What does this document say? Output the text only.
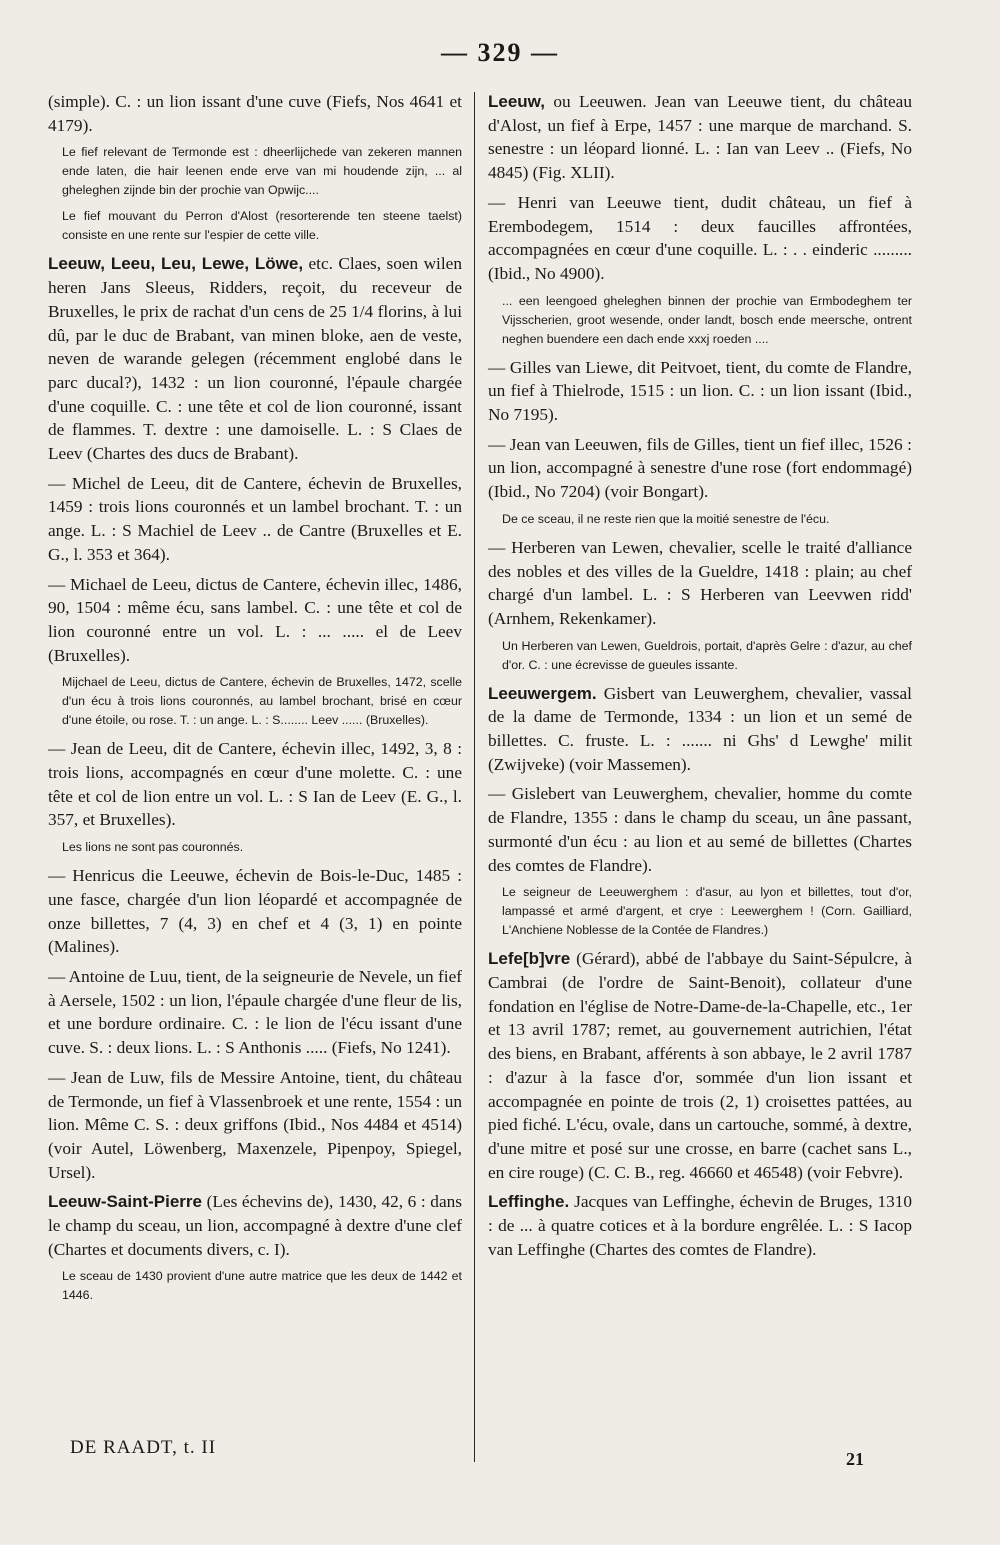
— 329 —

(simple). C. : un lion issant d'une cuve (Fiefs, Nos 4641 et 4179).

Le fief relevant de Termonde est : dheerlijchede van zekeren mannen ende laten, die hair leenen ende erve van mi houdende zijn, ... al gheleghen zijnde bin der prochie van Opwijc....

Le fief mouvant du Perron d'Alost (resorterende ten steene taelst) consiste en une rente sur l'espier de cette ville.

Leeuw, Leeu, Leu, Lewe, Löwe, etc. Claes, soen wilen heren Jans Sleeus, Ridders, reçoit, du receveur de Bruxelles, le prix de rachat d'un cens de 25 1/4 florins, à lui dû, par le duc de Brabant, van minen bloke, aen de veste, neven de warande gelegen (récemment englobé dans le parc ducal?), 1432 : un lion couronné, l'épaule chargée d'une coquille. C. : une tête et col de lion couronné, issant de flammes. T. dextre : une damoiselle. L. : S Claes de Leev (Chartes des ducs de Brabant).

— Michel de Leeu, dit de Cantere, échevin de Bruxelles, 1459 : trois lions couronnés et un lambel brochant. T. : un ange. L. : S Machiel de Leev .. de Cantre (Bruxelles et E. G., l. 353 et 364).

— Michael de Leeu, dictus de Cantere, échevin illec, 1486, 90, 1504 : même écu, sans lambel. C. : une tête et col de lion couronné entre un vol. L. : ... ..... el de Leev (Bruxelles).

Mijchael de Leeu, dictus de Cantere, échevin de Bruxelles, 1472, scelle d'un écu à trois lions couronnés, au lambel brochant, brisé en cœur d'une étoile, ou rose. T. : un ange. L. : S........ Leev ...... (Bruxelles).

— Jean de Leeu, dit de Cantere, échevin illec, 1492, 3, 8 : trois lions, accompagnés en cœur d'une molette. C. : une tête et col de lion entre un vol. L. : S Ian de Leev (E. G., l. 357, et Bruxelles).

Les lions ne sont pas couronnés.

— Henricus die Leeuwe, échevin de Bois-le-Duc, 1485 : une fasce, chargée d'un lion léopardé et accompagnée de onze billettes, 7 (4, 3) en chef et 4 (3, 1) en pointe (Malines).

— Antoine de Luu, tient, de la seigneurie de Nevele, un fief à Aersele, 1502 : un lion, l'épaule chargée d'une fleur de lis, et une bordure ordinaire. C. : le lion de l'écu issant d'une cuve. S. : deux lions. L. : S Anthonis ..... (Fiefs, No 1241).

— Jean de Luw, fils de Messire Antoine, tient, du château de Termonde, un fief à Vlassenbroek et une rente, 1554 : un lion. Même C. S. : deux griffons (Ibid., Nos 4484 et 4514) (voir Autel, Löwenberg, Maxenzele, Pipenpoy, Spiegel, Ursel).

Leeuw-Saint-Pierre (Les échevins de), 1430, 42, 6 : dans le champ du sceau, un lion, accompagné à dextre d'une clef (Chartes et documents divers, c. I).

Le sceau de 1430 provient d'une autre matrice que les deux de 1442 et 1446.

Leeuw, ou Leeuwen. Jean van Leeuwe tient, du château d'Alost, un fief à Erpe, 1457 : une marque de marchand. S. senestre : un léopard lionné. L. : Ian van Leev .. (Fiefs, No 4845) (Fig. XLII).

— Henri van Leeuwe tient, dudit château, un fief à Erembodegem, 1514 : deux faucilles affrontées, accompagnées en cœur d'une coquille. L. : . . einderic ......... (Ibid., No 4900).

... een leengoed gheleghen binnen der prochie van Ermbodeghem ter Vijsscherien, groot wesende, onder landt, bosch ende meersche, ontrent neghen buendere een dach ende xxxj roeden ....

— Gilles van Liewe, dit Peitvoet, tient, du comte de Flandre, un fief à Thielrode, 1515 : un lion. C. : un lion issant (Ibid., No 7195).

— Jean van Leeuwen, fils de Gilles, tient un fief illec, 1526 : un lion, accompagné à senestre d'une rose (fort endommagé) (Ibid., No 7204) (voir Bongart).

De ce sceau, il ne reste rien que la moitié senestre de l'écu.

— Herberen van Lewen, chevalier, scelle le traité d'alliance des nobles et des villes de la Gueldre, 1418 : plain; au chef chargé d'un lambel. L. : S Herberen van Leevwen ridd' (Arnhem, Rekenkamer).

Un Herberen van Lewen, Gueldrois, portait, d'après Gelre : d'azur, au chef d'or. C. : une écrevisse de gueules issante.

Leeuwergem. Gisbert van Leuwerghem, chevalier, vassal de la dame de Termonde, 1334 : un lion et un semé de billettes. C. fruste. L. : ....... ni Ghs' d Lewghe' milit (Zwijveke) (voir Massemen).

— Gislebert van Leuwerghem, chevalier, homme du comte de Flandre, 1355 : dans le champ du sceau, un âne passant, surmonté d'un écu : au lion et au semé de billettes (Chartes des comtes de Flandre).

Le seigneur de Leeuwerghem : d'asur, au lyon et billettes, tout d'or, lampassé et armé d'argent, et crye : Leewerghem ! (Corn. Gailliard, L'Anchiene Noblesse de la Contée de Flandres.)

Lefe[b]vre (Gérard), abbé de l'abbaye du Saint-Sépulcre, à Cambrai (de l'ordre de Saint-Benoit), collateur d'une fondation en l'église de Notre-Dame-de-la-Chapelle, etc., 1er et 13 avril 1787; remet, au gouvernement autrichien, l'état des biens, en Brabant, afférents à son abbaye, le 2 avril 1787 : d'azur à la fasce d'or, sommée d'un lion issant et accompagnée en pointe de trois (2, 1) croisettes pattées, au pied fiché. L'écu, ovale, dans un cartouche, sommé, à dextre, d'une mitre et posé sur une crosse, en barre (cachet sans L., en cire rouge) (C. C. B., reg. 46660 et 46548) (voir Febvre).

Leffinghe. Jacques van Leffinghe, échevin de Bruges, 1310 : de ... à quatre cotices et à la bordure engrêlée. L. : S Iacop van Leffinghe (Chartes des comtes de Flandre).

DE RAADT, t. II
21
